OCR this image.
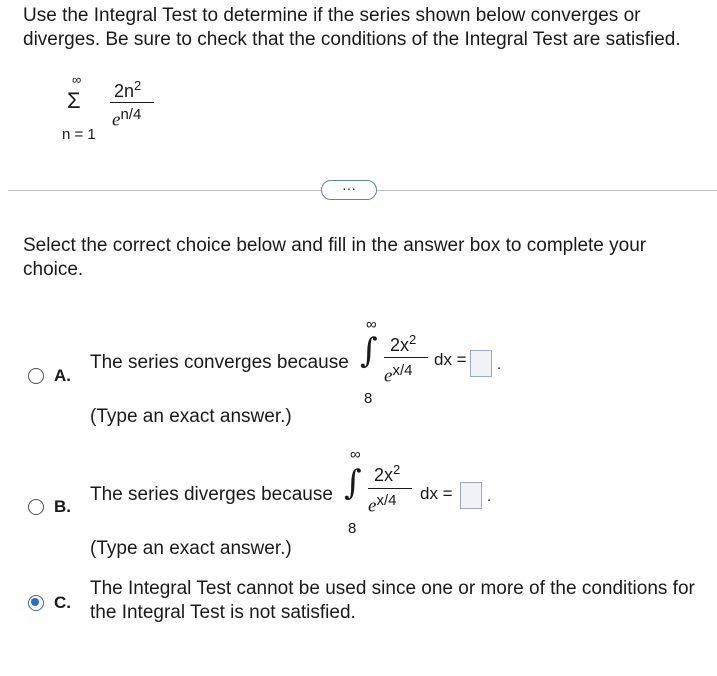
Use the Integral Test to determine if the series shown below converges or
diverges. Be sure to check that the conditions of the Integral Test are satisfied.
∞
Σ
n = 1
$2n^2$
en/4
···
Select the correct choice below and fill in the answer box to complete your
choice.
A.
The series converges because
∞
∫
8
$2x^2$
ex/4
dx = .
(Type an exact answer.)
B.
The series diverges because
∞
∫
8
$2x^2$
ex/4 dx = .
(Type an exact answer.)
C.
The Integral Test cannot be used since one or more of the conditions for
the Integral Test is not satisfied.
